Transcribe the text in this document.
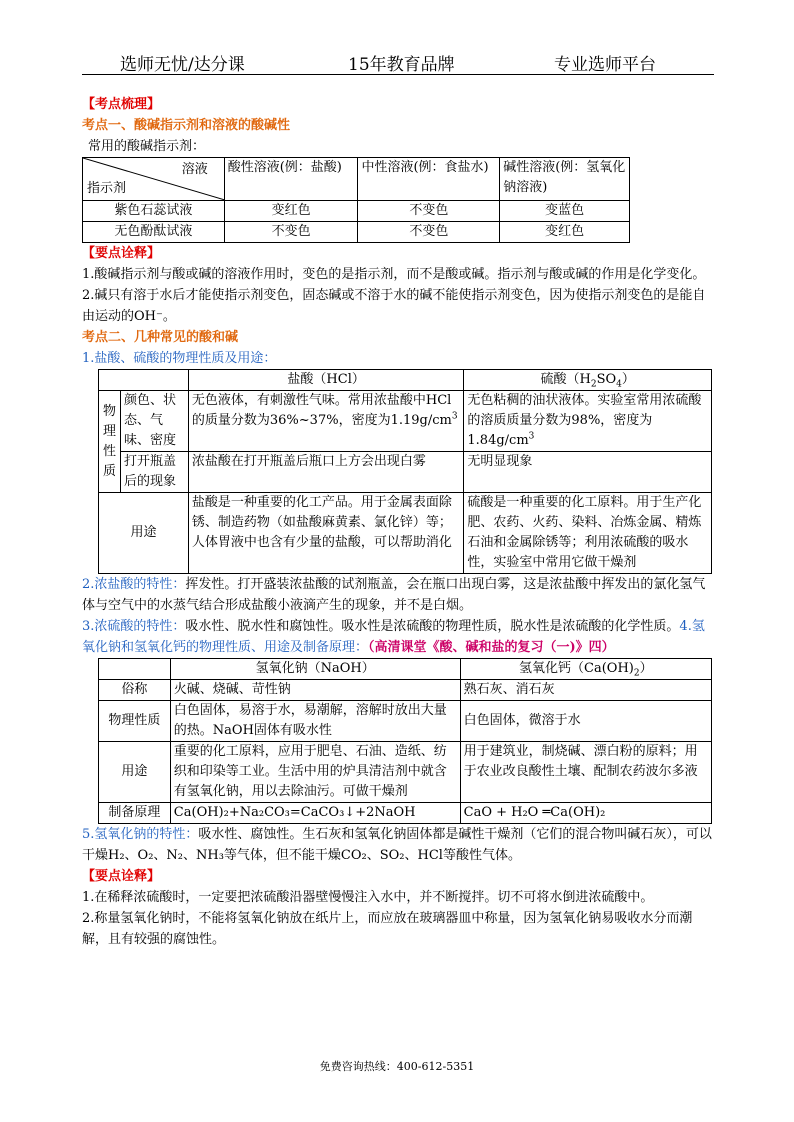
选师无忧/达分课	15年教育品牌	专业选师平台

【考点梳理】

考点一、酸碱指示剂和溶液的酸碱性

常用的酸碱指示剂：

溶液
指示剂	酸性溶液(例：盐酸)	中性溶液(例：食盐水)	碱性溶液(例：氢氧化钠溶液)
紫色石蕊试液	变红色	不变色	变蓝色
无色酚酞试液	不变色	不变色	变红色

【要点诠释】

1.酸碱指示剂与酸或碱的溶液作用时，变色的是指示剂，而不是酸或碱。指示剂与酸或碱的作用是化学变化。

2.碱只有溶于水后才能使指示剂变色，固态碱或不溶于水的碱不能使指示剂变色，因为使指示剂变色的是能自由运动的OH⁻。

考点二、几种常见的酸和碱

1.盐酸、硫酸的物理性质及用途：

		盐酸（HCl）	硫酸$(H_2SO_4)$
物理性质	颜色、状态、气味、密度	无色液体，有刺激性气味。常用浓盐酸中HCl的质量分数为36%~37%，密度为$1.19g/cm^3$	无色粘稠的油状液体。实验室常用浓硫酸的溶质质量分数为98%，密度为$1.84g/cm^3$
	打开瓶盖后的现象	浓盐酸在打开瓶盖后瓶口上方会出现白雾	无明显现象
用途		盐酸是一种重要的化工产品。用于金属表面除锈、制造药物（如盐酸麻黄素、氯化锌）等；人体胃液中也含有少量的盐酸，可以帮助消化	硫酸是一种重要的化工原料。用于生产化肥、农药、火药、染料、冶炼金属、精炼石油和金属除锈等；利用浓硫酸的吸水性，实验室中常用它做干燥剂

2.浓盐酸的特性：挥发性。打开盛装浓盐酸的试剂瓶盖，会在瓶口出现白雾，这是浓盐酸中挥发出的氯化氢气体与空气中的水蒸气结合形成盐酸小液滴产生的现象，并不是白烟。

3.浓硫酸的特性：吸水性、脱水性和腐蚀性。吸水性是浓硫酸的物理性质，脱水性是浓硫酸的化学性质。4.氢氧化钠和氢氧化钙的物理性质、用途及制备原理：（高清课堂《酸、碱和盐的复习（一)》四）

	氢氧化钠（NaOH）	氢氧化钙$(Ca(OH)_2)$
俗称	火碱、烧碱、苛性钠	熟石灰、消石灰
物理性质	白色固体，易溶于水，易潮解，溶解时放出大量的热。NaOH固体有吸水性	白色固体，微溶于水
用途	重要的化工原料，应用于肥皂、石油、造纸、纺织和印染等工业。生活中用的炉具清洁剂中就含有氢氧化钠，用以去除油污。可做干燥剂	用于建筑业，制烧碱、漂白粉的原料；用于农业改良酸性土壤、配制农药波尔多液
制备原理	Ca(OH)₂+Na₂CO₃=CaCO₃↓+2NaOH	CaO + H₂O ═Ca(OH)₂

5.氢氧化钠的特性：吸水性、腐蚀性。生石灰和氢氧化钠固体都是碱性干燥剂（它们的混合物叫碱石灰），可以干燥H₂、O₂、N₂、NH₃等气体，但不能干燥CO₂、SO₂、HCl等酸性气体。

【要点诠释】

1.在稀释浓硫酸时，一定要把浓硫酸沿器壁慢慢注入水中，并不断搅拌。切不可将水倒进浓硫酸中。

2.称量氢氧化钠时，不能将氢氧化钠放在纸片上，而应放在玻璃器皿中称量，因为氢氧化钠易吸收水分而潮解，且有较强的腐蚀性。

免费咨询热线：400-612-5351
